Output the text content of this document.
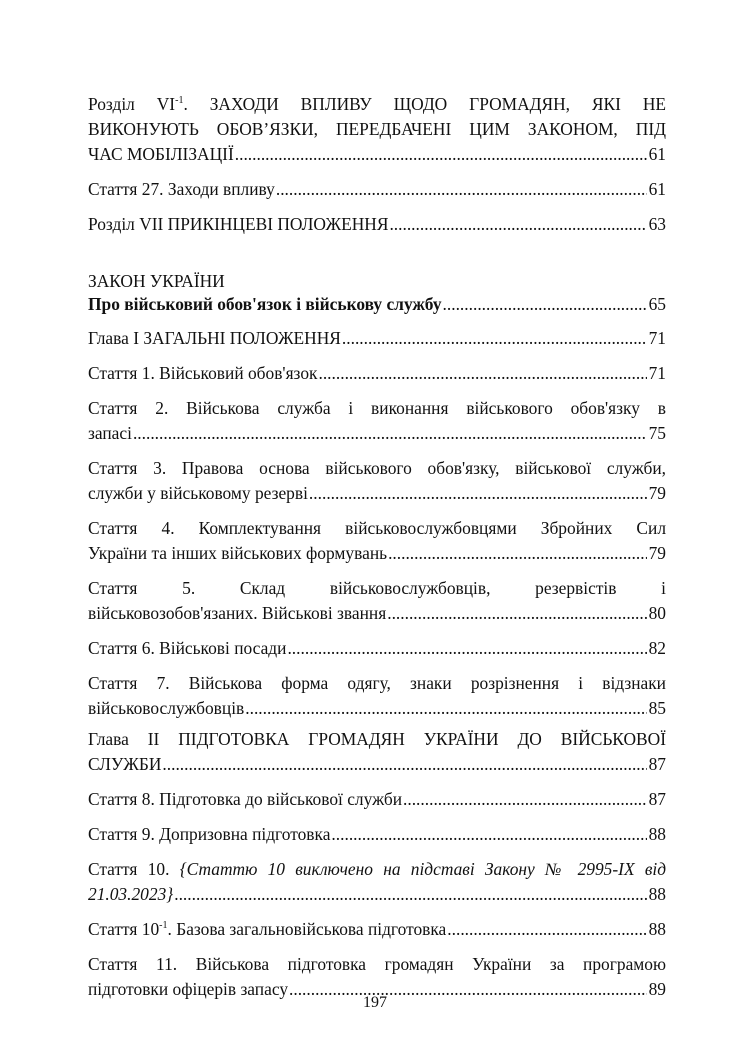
Розділ $VI^{-1}$. ЗАХОДИ ВПЛИВУ ЩОДО ГРОМАДЯН, ЯКІ НЕ
ВИКОНУЮТЬ ОБОВ’ЯЗКИ, ПЕРЕДБАЧЕНІ ЦИМ ЗАКОНОМ, ПІД
ЧАС МОБІЛІЗАЦІЇ .....	61
Стаття 27. Заходи впливу .....	61
Розділ VII ПРИКІНЦЕВІ ПОЛОЖЕННЯ .....	63
ЗАКОН УКРАЇНИ
Про військовий обов'язок і військову службу .....	65
Глава I ЗАГАЛЬНІ ПОЛОЖЕННЯ .....	71
Стаття 1. Військовий обов'язок .....	71
Стаття 2. Військова служба і виконання військового обов'язку в
запасі .....	75
Стаття 3. Правова основа військового обов'язку, військової служби,
служби у військовому резерві .....	79
Стаття 4. Комплектування військовослужбовцями Збройних Сил
України та інших військових формувань .....	79
Стаття 5. Склад військовослужбовців, резервістів і
військовозобов'язаних. Військові звання .....	80
Стаття 6. Військові посади .....	82
Стаття 7. Військова форма одягу, знаки розрізнення і відзнаки
військовослужбовців .....	85
Глава II ПІДГОТОВКА ГРОМАДЯН УКРАЇНИ ДО ВІЙСЬКОВОЇ
СЛУЖБИ .....	87
Стаття 8. Підготовка до військової служби .....	87
Стаття 9. Допризовна підготовка .....	88
Стаття 10. {Статтю 10 виключено на підставі Закону № 2995-IX від
21.03.2023} .....	88
Стаття $10^{-1}$. Базова загальновійськова підготовка .....	88
Стаття 11. Військова підготовка громадян України за програмою
підготовки офіцерів запасу .....	89
197
